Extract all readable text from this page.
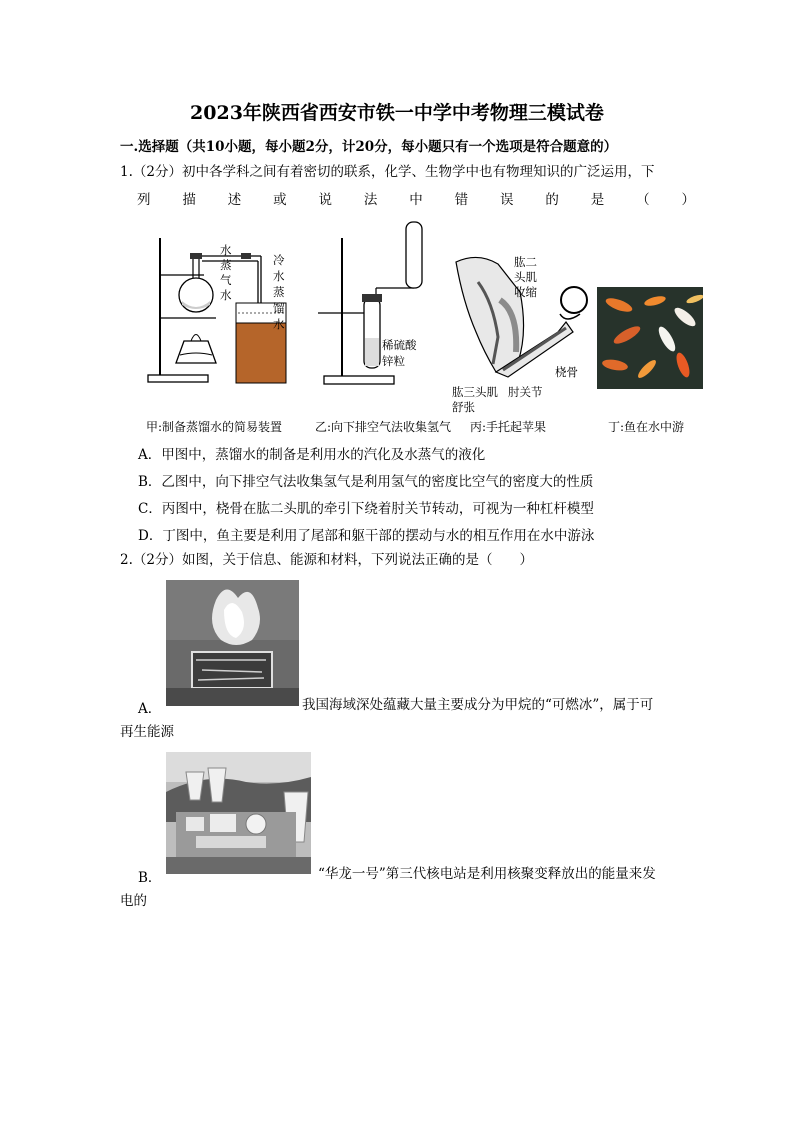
2023年陕西省西安市铁一中学中考物理三模试卷
一.选择题（共10小题，每小题2分，计20分，每小题只有一个选项是符合题意的）
1.（2分）初中各学科之间有着密切的联系，化学、生物学中也有物理知识的广泛运用，下
列 描 述 或 说 法 中 错 误 的 是 （ ）
水
蒸
气
水
冷
水
蒸
馏
水
稀硫酸
锌粒
肱二
头肌
收缩
桡骨
肱三头肌 肘关节
舒张
甲:制备蒸馏水的简易装置	乙:向下排空气法收集氢气 丙:手托起苹果	丁:鱼在水中游
A．甲图中，蒸馏水的制备是利用水的汽化及水蒸气的液化
B．乙图中，向下排空气法收集氢气是利用氢气的密度比空气的密度大的性质
C．丙图中，桡骨在肱二头肌的牵引下绕着肘关节转动，可视为一种杠杆模型
D．丁图中，鱼主要是利用了尾部和躯干部的摆动与水的相互作用在水中游泳
2.（2分）如图，关于信息、能源和材料，下列说法正确的是（　　）
A．	我国海域深处蕴藏大量主要成分为甲烷的“可燃冰”，属于可
再生能源
B．	“华龙一号”第三代核电站是利用核聚变释放出的能量来发
电的
